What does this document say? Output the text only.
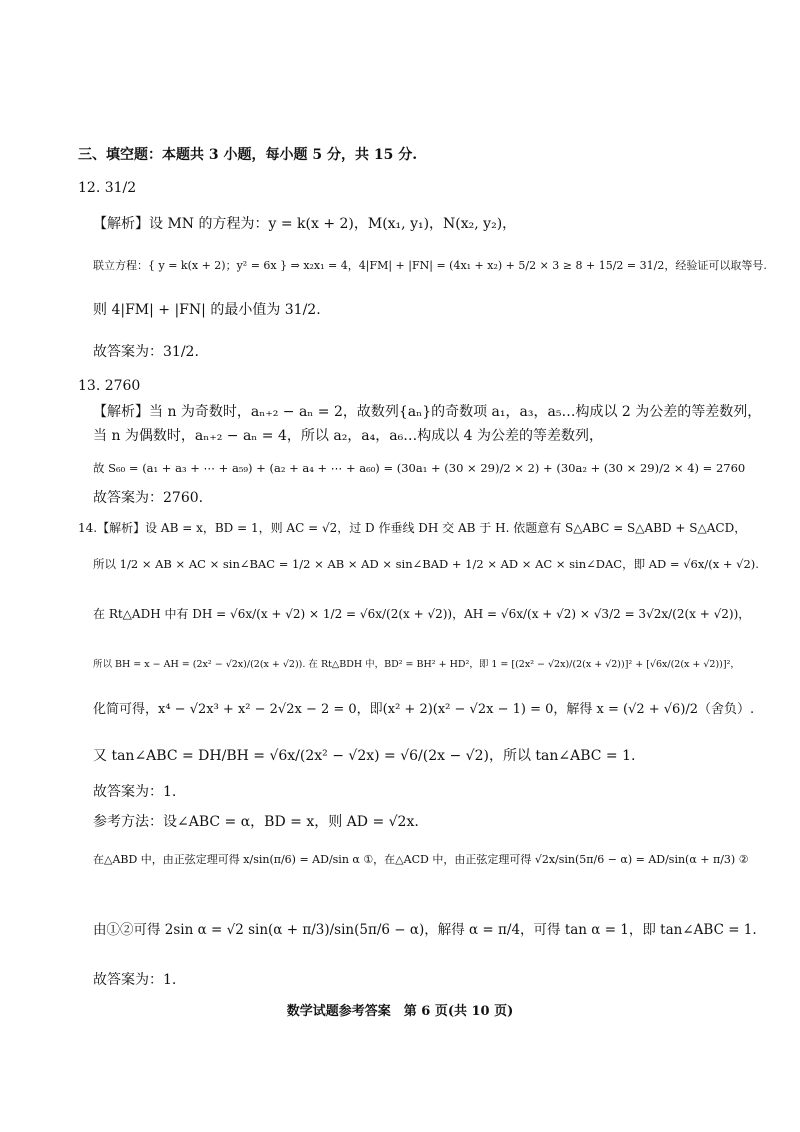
三、填空题：本题共 3 小题，每小题 5 分，共 15 分.
12. 31/2
【解析】设 MN 的方程为：y = k(x + 2)，M(x₁, y₁)，N(x₂, y₂)，
联立方程：{ y = k(x + 2)；y² = 6x } ⇒ x₂x₁ = 4，4|FM| + |FN| = (4x₁ + x₂) + 5/2 × 3 ≥ 8 + 15/2 = 31/2，经验证可以取等号.
则 4|FM| + |FN| 的最小值为 31/2.
故答案为：31/2.
13. 2760
【解析】当 n 为奇数时，aₙ₊₂ − aₙ = 2，故数列{aₙ}的奇数项 a₁，a₃，a₅…构成以 2 为公差的等差数列，
当 n 为偶数时，aₙ₊₂ − aₙ = 4，所以 a₂，a₄，a₆…构成以 4 为公差的等差数列，
故 S₆₀ = (a₁ + a₃ + ⋯ + a₅₉) + (a₂ + a₄ + ⋯ + a₆₀) = (30a₁ + (30 × 29)/2 × 2) + (30a₂ + (30 × 29)/2 × 4) = 2760
故答案为：2760.
14.【解析】设 AB = x，BD = 1，则 AC = √2，过 D 作垂线 DH 交 AB 于 H. 依题意有 S△ABC = S△ABD + S△ACD，
所以 1/2 × AB × AC × sin∠BAC = 1/2 × AB × AD × sin∠BAD + 1/2 × AD × AC × sin∠DAC，即 AD = √6x/(x + √2).
在 Rt△ADH 中有 DH = √6x/(x + √2) × 1/2 = √6x/(2(x + √2))，AH = √6x/(x + √2) × √3/2 = 3√2x/(2(x + √2))，
所以 BH = x − AH = (2x² − √2x)/(2(x + √2)). 在 Rt△BDH 中，BD² = BH² + HD²，即 1 = [(2x² − √2x)/(2(x + √2))]² + [√6x/(2(x + √2))]²，
化简可得，x⁴ − √2x³ + x² − 2√2x − 2 = 0，即(x² + 2)(x² − √2x − 1) = 0，解得 x = (√2 + √6)/2（舍负）.
又 tan∠ABC = DH/BH = √6x/(2x² − √2x) = √6/(2x − √2)，所以 tan∠ABC = 1.
故答案为：1.
参考方法：设∠ABC = α，BD = x，则 AD = √2x.
在△ABD 中，由正弦定理可得 x/sin(π/6) = AD/sin α ①，在△ACD 中，由正弦定理可得 √2x/sin(5π/6 − α) = AD/sin(α + π/3) ②
由①②可得 2sin α = √2 sin(α + π/3)/sin(5π/6 − α)，解得 α = π/4，可得 tan α = 1，即 tan∠ABC = 1.
故答案为：1.
数学试题参考答案　第 6 页(共 10 页)
